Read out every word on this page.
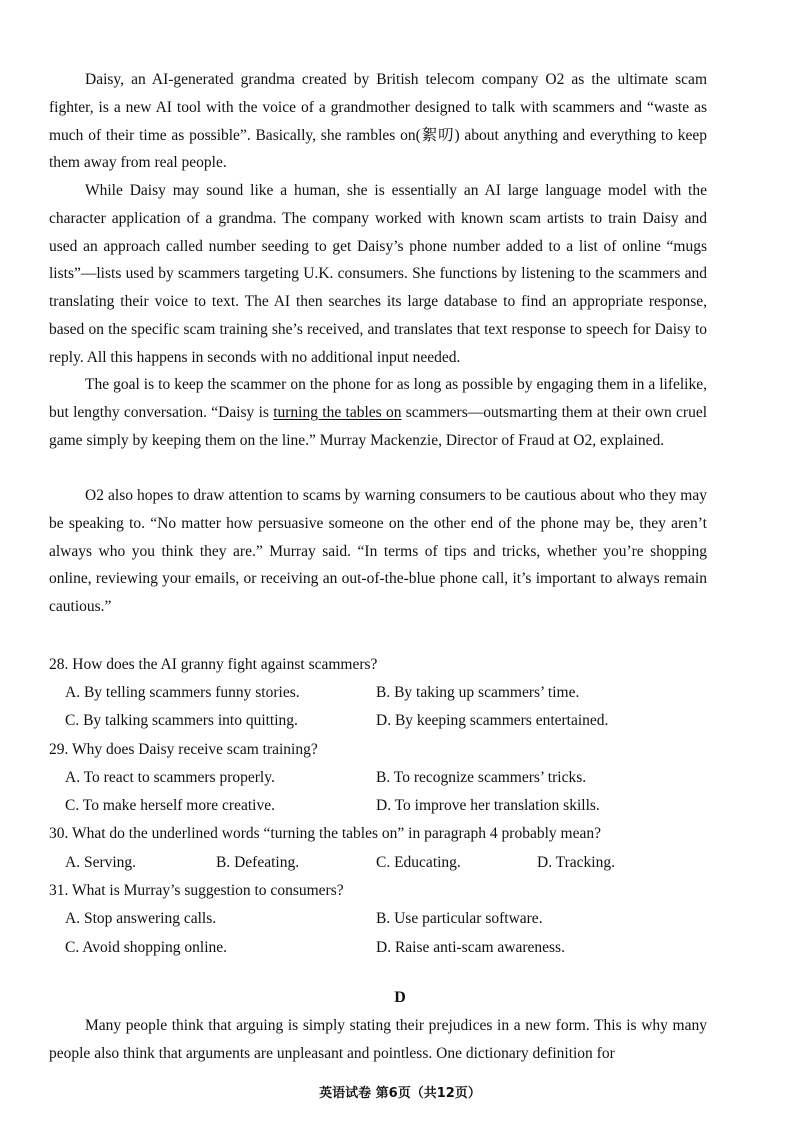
Daisy, an AI-generated grandma created by British telecom company O2 as the ultimate scam fighter, is a new AI tool with the voice of a grandmother designed to talk with scammers and “waste as much of their time as possible”. Basically, she rambles on(絮叨) about anything and everything to keep them away from real people.

While Daisy may sound like a human, she is essentially an AI large language model with the character application of a grandma. The company worked with known scam artists to train Daisy and used an approach called number seeding to get Daisy’s phone number added to a list of online “mugs lists”—lists used by scammers targeting U.K. consumers. She functions by listening to the scammers and translating their voice to text. The AI then searches its large database to find an appropriate response, based on the specific scam training she’s received, and translates that text response to speech for Daisy to reply. All this happens in seconds with no additional input needed.

The goal is to keep the scammer on the phone for as long as possible by engaging them in a lifelike, but lengthy conversation. “Daisy is turning the tables on scammers—outsmarting them at their own cruel game simply by keeping them on the line.” Murray Mackenzie, Director of Fraud at O2, explained.

O2 also hopes to draw attention to scams by warning consumers to be cautious about who they may be speaking to. “No matter how persuasive someone on the other end of the phone may be, they aren’t always who you think they are.” Murray said. “In terms of tips and tricks, whether you’re shopping online, reviewing your emails, or receiving an out-of-the-blue phone call, it’s important to always remain cautious.”

28. How does the AI granny fight against scammers?

A. By telling scammers funny stories.	B. By taking up scammers’ time.

C. By talking scammers into quitting.	D. By keeping scammers entertained.

29. Why does Daisy receive scam training?

A. To react to scammers properly.	B. To recognize scammers’ tricks.

C. To make herself more creative.	D. To improve her translation skills.

30. What do the underlined words “turning the tables on” in paragraph 4 probably mean?

A. Serving.	B. Defeating.	C. Educating.	D. Tracking.

31. What is Murray’s suggestion to consumers?

A. Stop answering calls.	B. Use particular software.

C. Avoid shopping online.	D. Raise anti-scam awareness.

D

Many people think that arguing is simply stating their prejudices in a new form. This is why many people also think that arguments are unpleasant and pointless. One dictionary definition for

英语试卷 第6页（共12页）
